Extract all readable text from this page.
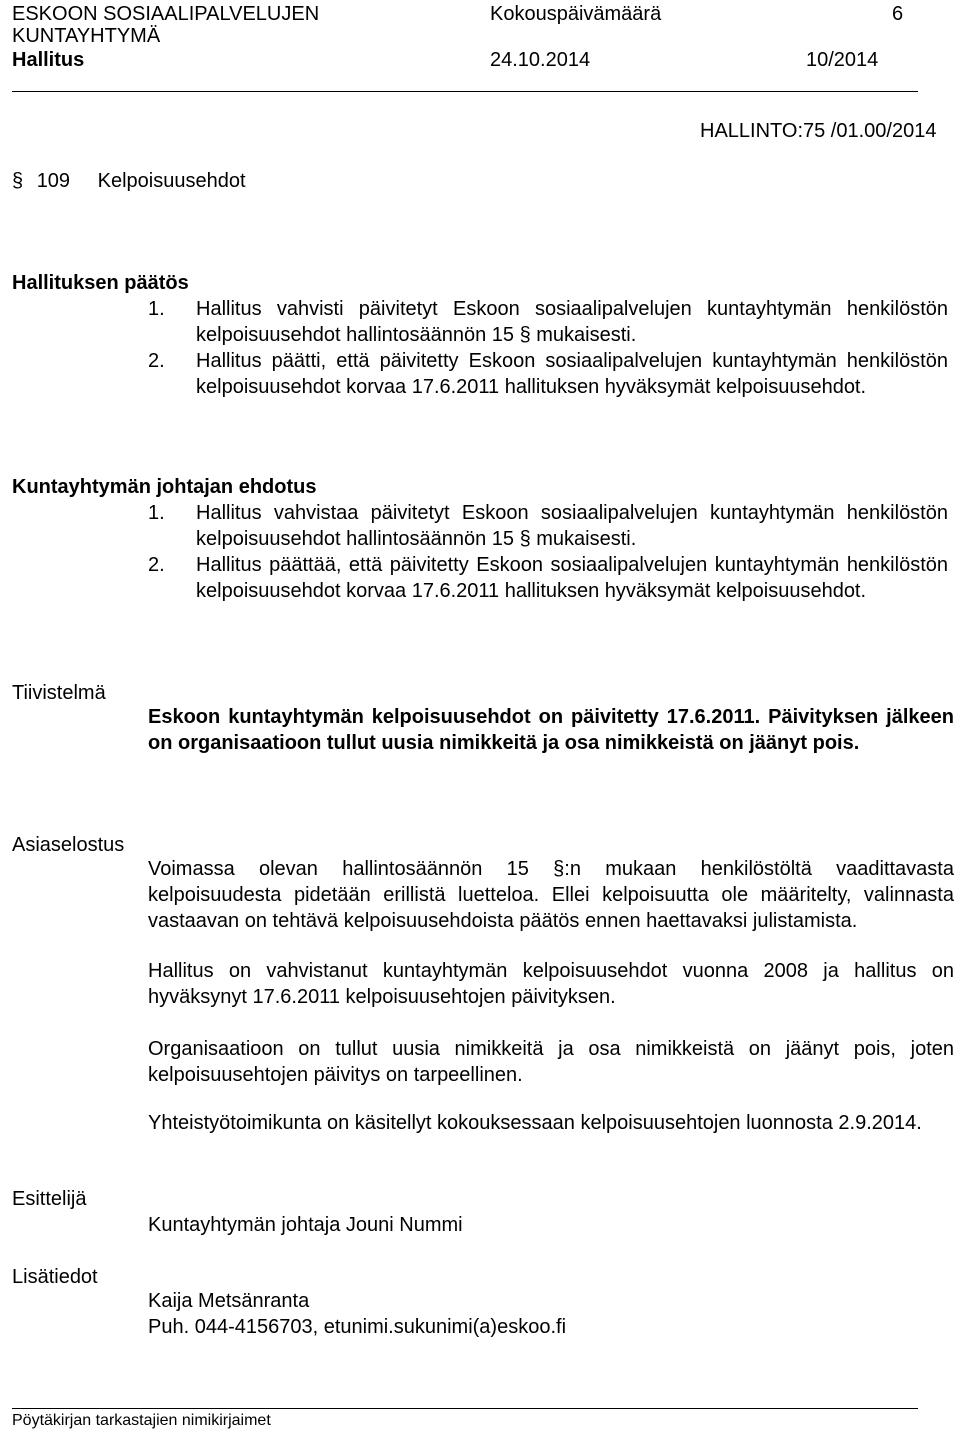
ESKOON SOSIAALIPALVELUJEN
KUNTAYHTYMÄ
Hallitus
Kokouspäivämäärä
24.10.2014
6
10/2014
HALLINTO:75 /01.00/2014
§ 109 Kelpoisuusehdot
Hallituksen päätös
1. Hallitus vahvisti päivitetyt Eskoon sosiaalipalvelujen kuntayhtymän henkilöstön kelpoisuusehdot hallintosäännön 15 § mukaisesti.
2. Hallitus päätti, että päivitetty Eskoon sosiaalipalvelujen kuntayhtymän henkilöstön kelpoisuusehdot korvaa 17.6.2011 hallituksen hyväksymät kelpoisuusehdot.
Kuntayhtymän johtajan ehdotus
1. Hallitus vahvistaa päivitetyt Eskoon sosiaalipalvelujen kuntayhtymän henkilöstön kelpoisuusehdot hallintosäännön 15 § mukaisesti.
2. Hallitus päättää, että päivitetty Eskoon sosiaalipalvelujen kuntayhtymän henkilöstön kelpoisuusehdot korvaa 17.6.2011 hallituksen hyväksymät kelpoisuusehdot.
Tiivistelmä

Eskoon kuntayhtymän kelpoisuusehdot on päivitetty 17.6.2011. Päivityksen jälkeen on organisaatioon tullut uusia nimikkeitä ja osa nimikkeistä on jäänyt pois.

Asiaselostus

Voimassa olevan hallintosäännön 15 §:n mukaan henkilöstöltä vaadittavasta kelpoisuudesta pidetään erillistä luetteloa. Ellei kelpoisuutta ole määritelty, valinnasta vastaavan on tehtävä kelpoisuusehdoista päätös ennen haettavaksi julistamista.

Hallitus on vahvistanut kuntayhtymän kelpoisuusehdot vuonna 2008 ja hallitus on hyväksynyt 17.6.2011 kelpoisuusehtojen päivityksen.

Organisaatioon on tullut uusia nimikkeitä ja osa nimikkeistä on jäänyt pois, joten kelpoisuusehtojen päivitys on tarpeellinen.

Yhteistyötoimikunta on käsitellyt kokouksessaan kelpoisuusehtojen luonnosta 2.9.2014.

Esittelijä
Kuntayhtymän johtaja Jouni Nummi
Lisätiedot
Kaija Metsänranta
Puh. 044-4156703, etunimi.sukunimi(a)eskoo.fi
Pöytäkirjan tarkastajien nimikirjaimet
